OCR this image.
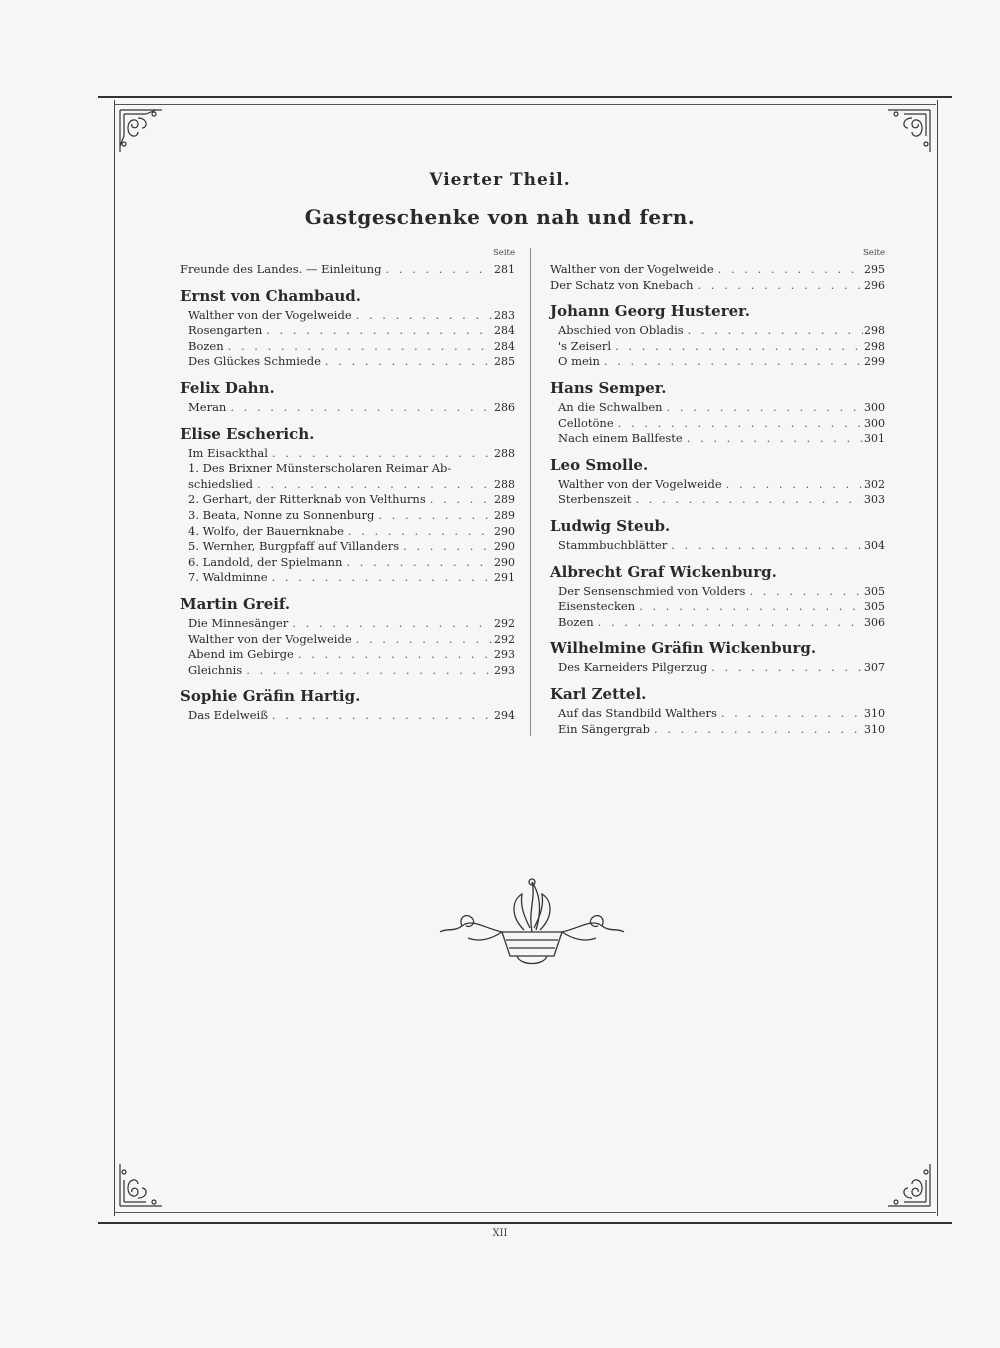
Vierter Theil.
Gastgeschenke von nah und fern.
Seite
Freunde des Landes. — Einleitung . . .	281
Ernst von Chambaud.
Walther von der Vogelweide . . .	283
Rosengarten . . .	284
Bozen . . .	284
Des Glückes Schmiede . . .	285
Felix Dahn.
Meran . . .	286
Elise Escherich.
Im Eisackthal . . .	288
1. Des Brixner Münsterscholaren Reimar Ab-
schiedslied . . .	288
2. Gerhart, der Ritterknab von Velthurns . . .	289
3. Beata, Nonne zu Sonnenburg . . .	289
4. Wolfo, der Bauernknabe . . .	290
5. Wernher, Burgpfaff auf Villanders . . .	290
6. Landold, der Spielmann . . .	290
7. Waldminne . . .	291
Martin Greif.
Die Minnesänger . . .	292
Walther von der Vogelweide . . .	292
Abend im Gebirge . . .	293
Gleichnis . . .	293
Sophie Gräfin Hartig.
Das Edelweiß . . .	294
Seite
Walther von der Vogelweide . . .	295
Der Schatz von Knebach . . .	296
Johann Georg Husterer.
Abschied von Obladis . . .	298
's Zeiserl . . .	298
O mein . . .	299
Hans Semper.
An die Schwalben . . .	300
Cellotöne . . .	300
Nach einem Ballfeste . . .	301
Leo Smolle.
Walther von der Vogelweide . . .	302
Sterbenszeit . . .	303
Ludwig Steub.
Stammbuchblätter . . .	304
Albrecht Graf Wickenburg.
Der Sensenschmied von Volders . . .	305
Eisenstecken . . .	305
Bozen . . .	306
Wilhelmine Gräfin Wickenburg.
Des Karneiders Pilgerzug . . .	307
Karl Zettel.
Auf das Standbild Walthers . . .	310
Ein Sängergrab . . .	310
XII
